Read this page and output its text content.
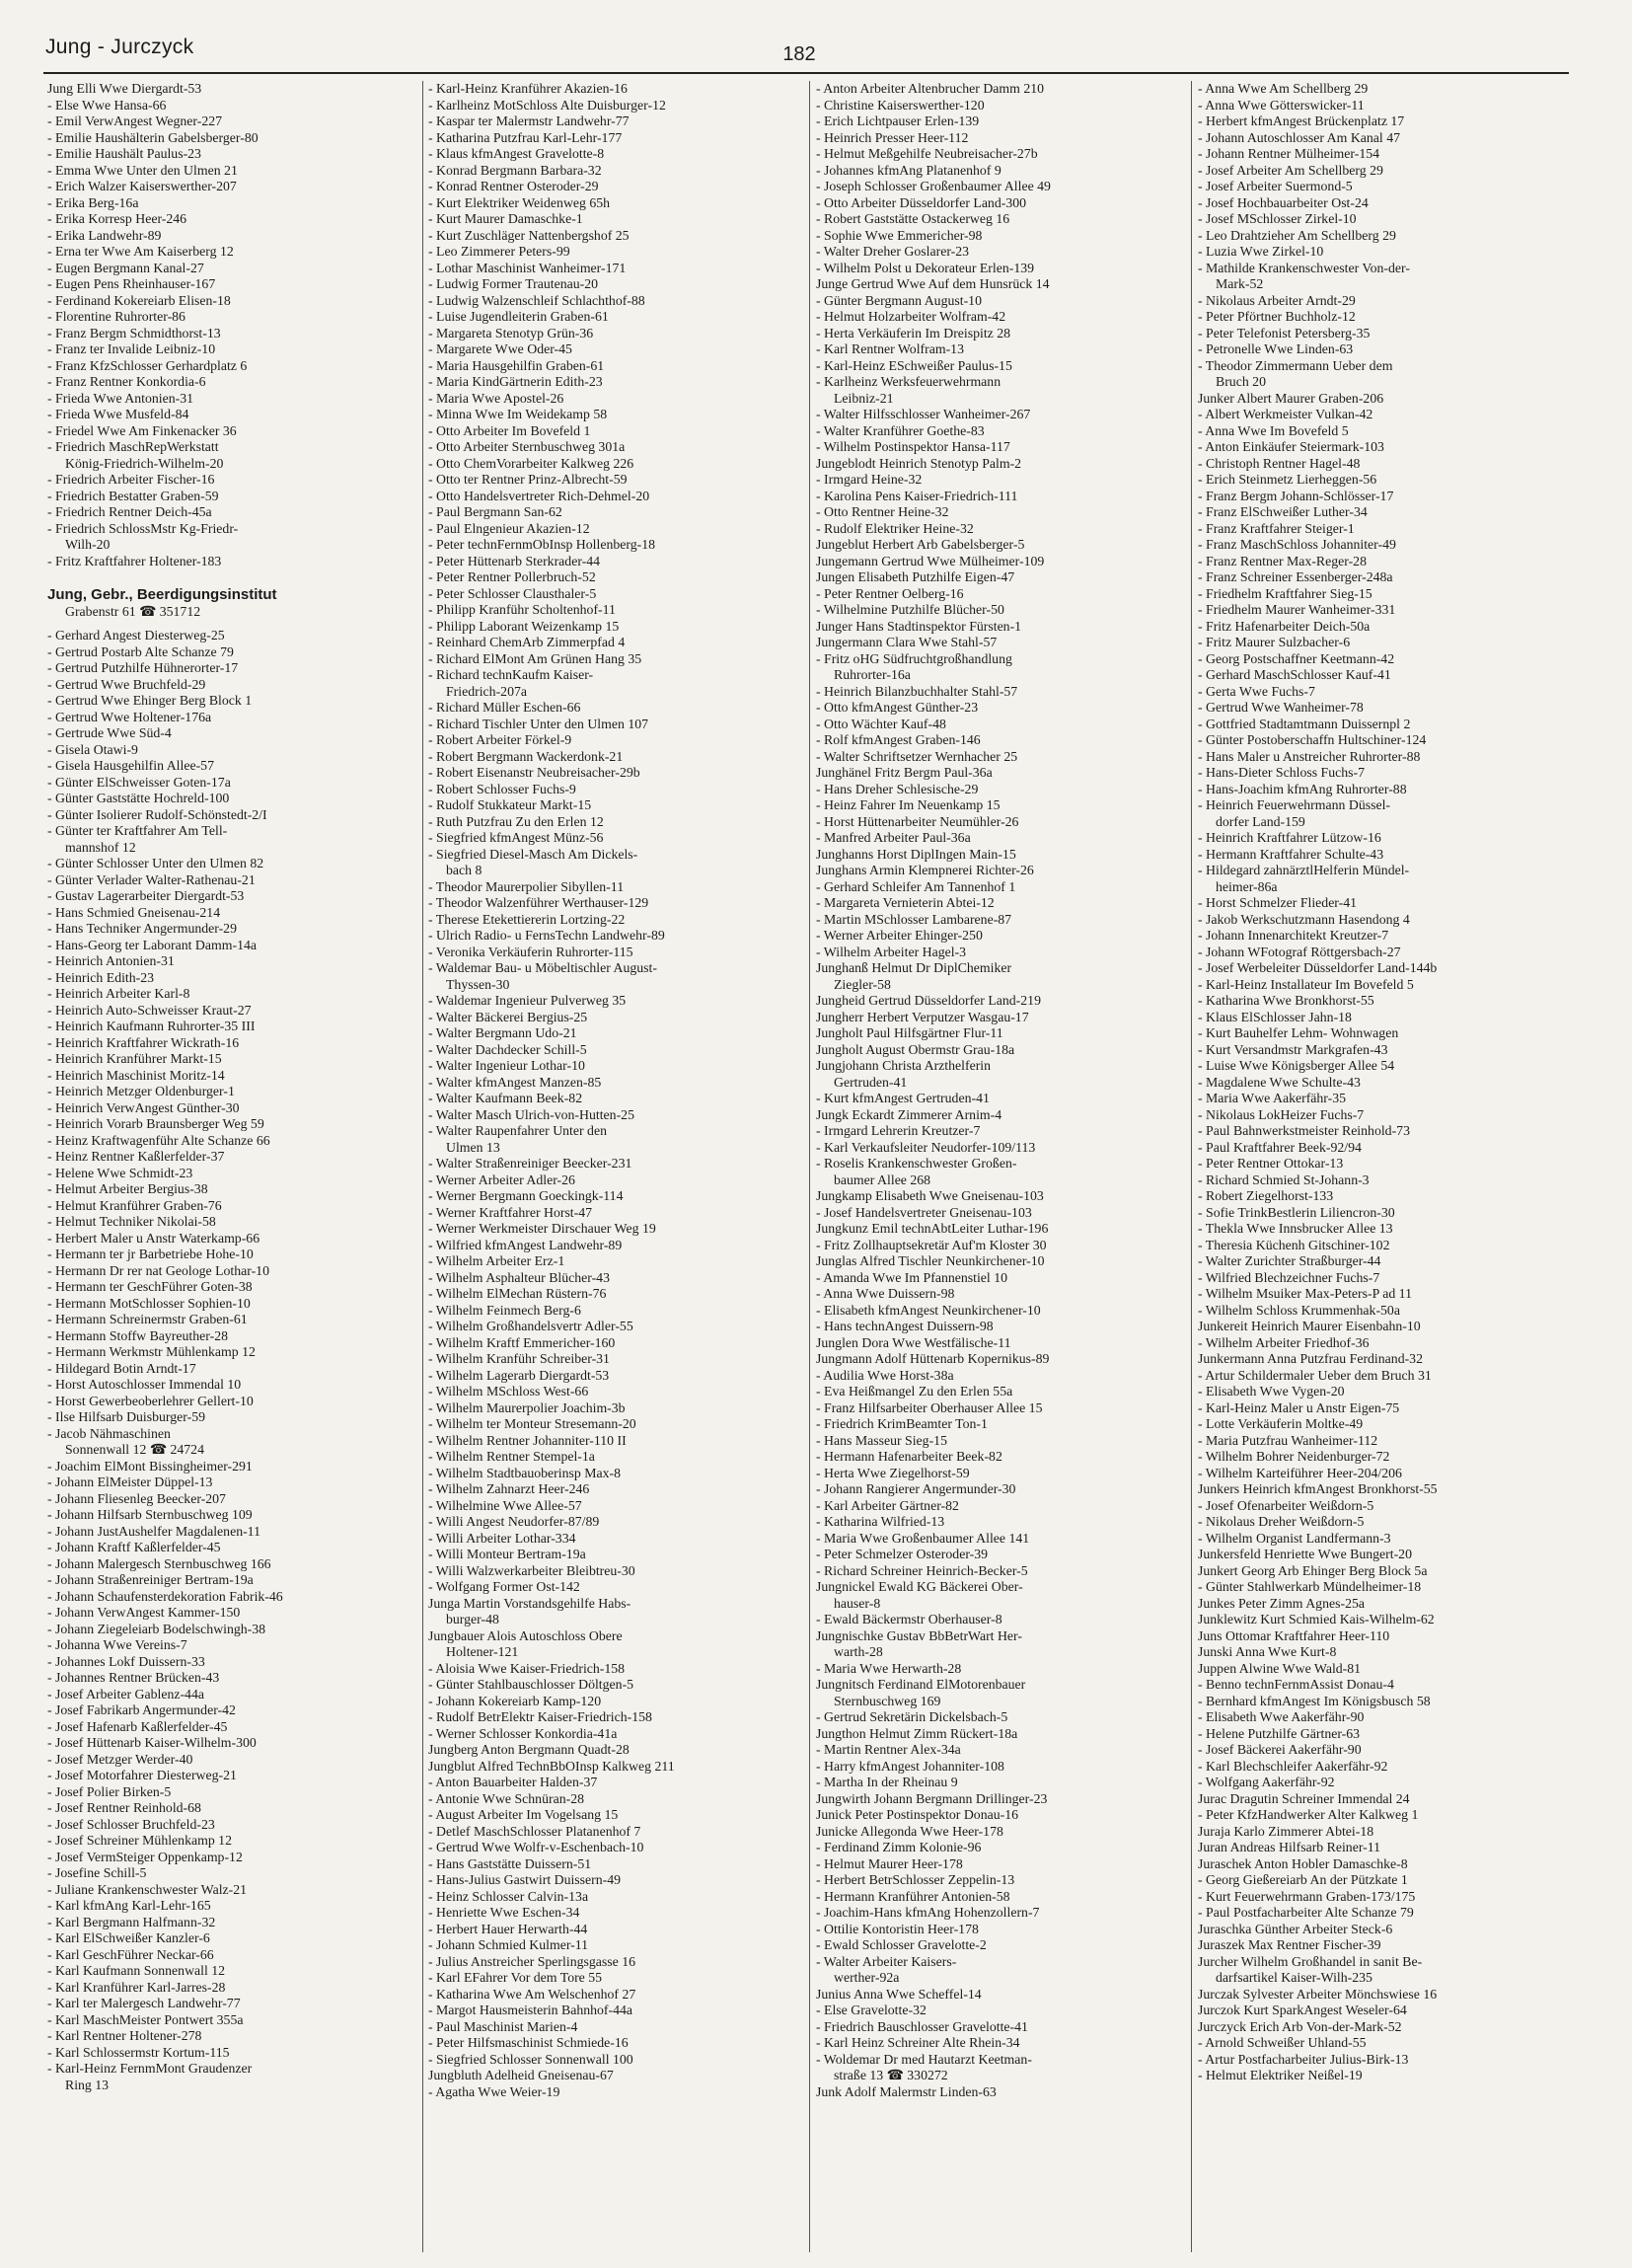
Jung - Jurczyck	182
Jung Elli Wwe Diergardt-53
- Else Wwe Hansa-66
- Emil VerwAngest Wegner-227
- Emilie Haushälterin Gabelsberger-80
- Emilie Haushält Paulus-23
- Emma Wwe Unter den Ulmen 21
- Erich Walzer Kaiserswerther-207
- Erika Berg-16a
- Erika Korresp Heer-246
- Erika Landwehr-89
- Erna ter Wwe Am Kaiserberg 12
- Eugen Bergmann Kanal-27
- Eugen Pens Rheinhauser-167
- Ferdinand Kokereiarb Elisen-18
- Florentine Ruhrorter-86
- Franz Bergm Schmidthorst-13
- Franz ter Invalide Leibniz-10
- Franz KfzSchlosser Gerhardplatz 6
- Franz Rentner Konkordia-6
- Frieda Wwe Antonien-31
- Frieda Wwe Musfeld-84
- Friedel Wwe Am Finkenacker 36
- Friedrich MaschRepWerkstatt
König-Friedrich-Wilhelm-20
- Friedrich Arbeiter Fischer-16
- Friedrich Bestatter Graben-59
- Friedrich Rentner Deich-45a
- Friedrich SchlossMstr Kg-Friedr-
Wilh-20
- Fritz Kraftfahrer Holtener-183
Jung, Gebr., Beerdigungsinstitut
Grabenstr 61 ☎ 351712
- Gerhard Angest Diesterweg-25
- Gertrud Postarb Alte Schanze 79
- Gertrud Putzhilfe Hühnerorter-17
- Gertrud Wwe Bruchfeld-29
- Gertrud Wwe Ehinger Berg Block 1
- Gertrud Wwe Holtener-176a
- Gertrude Wwe Süd-4
- Gisela Otawi-9
- Gisela Hausgehilfin Allee-57
- Günter ElSchweisser Goten-17a
- Günter Gaststätte Hochreld-100
- Günter Isolierer Rudolf-Schönstedt-2/I
- Günter ter Kraftfahrer Am Tell-
mannshof 12
- Günter Schlosser Unter den Ulmen 82
- Günter Verlader Walter-Rathenau-21
- Gustav Lagerarbeiter Diergardt-53
- Hans Schmied Gneisenau-214
- Hans Techniker Angermunder-29
- Hans-Georg ter Laborant Damm-14a
- Heinrich Antonien-31
- Heinrich Edith-23
- Heinrich Arbeiter Karl-8
- Heinrich Auto-Schweisser Kraut-27
- Heinrich Kaufmann Ruhrorter-35 III
- Heinrich Kraftfahrer Wickrath-16
- Heinrich Kranführer Markt-15
- Heinrich Maschinist Moritz-14
- Heinrich Metzger Oldenburger-1
- Heinrich VerwAngest Günther-30
- Heinrich Vorarb Braunsberger Weg 59
- Heinz Kraftwagenführ Alte Schanze 66
- Heinz Rentner Kaßlerfelder-37
- Helene Wwe Schmidt-23
- Helmut Arbeiter Bergius-38
- Helmut Kranführer Graben-76
- Helmut Techniker Nikolai-58
- Herbert Maler u Anstr Waterkamp-66
- Hermann ter jr Barbetriebe Hohe-10
- Hermann Dr rer nat Geologe Lothar-10
- Hermann ter GeschFührer Goten-38
- Hermann MotSchlosser Sophien-10
- Hermann Schreinermstr Graben-61
- Hermann Stoffw Bayreuther-28
- Hermann Werkmstr Mühlenkamp 12
- Hildegard Botin Arndt-17
- Horst Autoschlosser Immendal 10
- Horst Gewerbeoberlehrer Gellert-10
- Ilse Hilfsarb Duisburger-59
- Jacob Nähmaschinen
Sonnenwall 12 ☎ 24724
- Joachim ElMont Bissingheimer-291
- Johann ElMeister Düppel-13
- Johann Fliesenleg Beecker-207
- Johann Hilfsarb Sternbuschweg 109
- Johann JustAushelfer Magdalenen-11
- Johann Kraftf Kaßlerfelder-45
- Johann Malergesch Sternbuschweg 166
- Johann Straßenreiniger Bertram-19a
- Johann Schaufensterdekoration Fabrik-46
- Johann VerwAngest Kammer-150
- Johann Ziegeleiarb Bodelschwingh-38
- Johanna Wwe Vereins-7
- Johannes Lokf Duissern-33
- Johannes Rentner Brücken-43
- Josef Arbeiter Gablenz-44a
- Josef Fabrikarb Angermunder-42
- Josef Hafenarb Kaßlerfelder-45
- Josef Hüttenarb Kaiser-Wilhelm-300
- Josef Metzger Werder-40
- Josef Motorfahrer Diesterweg-21
- Josef Polier Birken-5
- Josef Rentner Reinhold-68
- Josef Schlosser Bruchfeld-23
- Josef Schreiner Mühlenkamp 12
- Josef VermSteiger Oppenkamp-12
- Josefine Schill-5
- Juliane Krankenschwester Walz-21
- Karl kfmAng Karl-Lehr-165
- Karl Bergmann Halfmann-32
- Karl ElSchweißer Kanzler-6
- Karl GeschFührer Neckar-66
- Karl Kaufmann Sonnenwall 12
- Karl Kranführer Karl-Jarres-28
- Karl ter Malergesch Landwehr-77
- Karl MaschMeister Pontwert 355a
- Karl Rentner Holtener-278
- Karl Schlossermstr Kortum-115
- Karl-Heinz FernmMont Graudenzer
Ring 13
- Karl-Heinz Kranführer Akazien-16
- Karlheinz MotSchloss Alte Duisburger-12
- Kaspar ter Malermstr Landwehr-77
- Katharina Putzfrau Karl-Lehr-177
- Klaus kfmAngest Gravelotte-8
- Konrad Bergmann Barbara-32
- Konrad Rentner Osteroder-29
- Kurt Elektriker Weidenweg 65h
- Kurt Maurer Damaschke-1
- Kurt Zuschläger Nattenbergshof 25
- Leo Zimmerer Peters-99
- Lothar Maschinist Wanheimer-171
- Ludwig Former Trautenau-20
- Ludwig Walzenschleif Schlachthof-88
- Luise Jugendleiterin Graben-61
- Margareta Stenotyp Grün-36
- Margarete Wwe Oder-45
- Maria Hausgehilfin Graben-61
- Maria KindGärtnerin Edith-23
- Maria Wwe Apostel-26
- Minna Wwe Im Weidekamp 58
- Otto Arbeiter Im Bovefeld 1
- Otto Arbeiter Sternbuschweg 301a
- Otto ChemVorarbeiter Kalkweg 226
- Otto ter Rentner Prinz-Albrecht-59
- Otto Handelsvertreter Rich-Dehmel-20
- Paul Bergmann San-62
- Paul Elngenieur Akazien-12
- Peter technFernmObInsp Hollenberg-18
- Peter Hüttenarb Sterkrader-44
- Peter Rentner Pollerbruch-52
- Peter Schlosser Clausthaler-5
- Philipp Kranführ Scholtenhof-11
- Philipp Laborant Weizenkamp 15
- Reinhard ChemArb Zimmerpfad 4
- Richard ElMont Am Grünen Hang 35
- Richard technKaufm Kaiser-
Friedrich-207a
- Richard Müller Eschen-66
- Richard Tischler Unter den Ulmen 107
- Robert Arbeiter Förkel-9
- Robert Bergmann Wackerdonk-21
- Robert Eisenanstr Neubreisacher-29b
- Robert Schlosser Fuchs-9
- Rudolf Stukkateur Markt-15
- Ruth Putzfrau Zu den Erlen 12
- Siegfried kfmAngest Münz-56
- Siegfried Diesel-Masch Am Dickels-
bach 8
- Theodor Maurerpolier Sibyllen-11
- Theodor Walzenführer Werthauser-129
- Therese Etekettiererin Lortzing-22
- Ulrich Radio- u FernsTechn Landwehr-89
- Veronika Verkäuferin Ruhrorter-115
- Waldemar Bau- u Möbeltischler August-
Thyssen-30
- Waldemar Ingenieur Pulverweg 35
- Walter Bäckerei Bergius-25
- Walter Bergmann Udo-21
- Walter Dachdecker Schill-5
- Walter Ingenieur Lothar-10
- Walter kfmAngest Manzen-85
- Walter Kaufmann Beek-82
- Walter Masch Ulrich-von-Hutten-25
- Walter Raupenfahrer Unter den
Ulmen 13
- Walter Straßenreiniger Beecker-231
- Werner Arbeiter Adler-26
- Werner Bergmann Goeckingk-114
- Werner Kraftfahrer Horst-47
- Werner Werkmeister Dirschauer Weg 19
- Wilfried kfmAngest Landwehr-89
- Wilhelm Arbeiter Erz-1
- Wilhelm Asphalteur Blücher-43
- Wilhelm ElMechan Rüstern-76
- Wilhelm Feinmech Berg-6
- Wilhelm Großhandelsvertr Adler-55
- Wilhelm Kraftf Emmericher-160
- Wilhelm Kranführ Schreiber-31
- Wilhelm Lagerarb Diergardt-53
- Wilhelm MSchloss West-66
- Wilhelm Maurerpolier Joachim-3b
- Wilhelm ter Monteur Stresemann-20
- Wilhelm Rentner Johanniter-110 II
- Wilhelm Rentner Stempel-1a
- Wilhelm Stadtbauoberinsp Max-8
- Wilhelm Zahnarzt Heer-246
- Wilhelmine Wwe Allee-57
- Willi Angest Neudorfer-87/89
- Willi Arbeiter Lothar-334
- Willi Monteur Bertram-19a
- Willi Walzwerkarbeiter Bleibtreu-30
- Wolfgang Former Ost-142
Junga Martin Vorstandsgehilfe Habs-
burger-48
Jungbauer Alois Autoschloss Obere
Holtener-121
- Aloisia Wwe Kaiser-Friedrich-158
- Günter Stahlbauschlosser Döltgen-5
- Johann Kokereiarb Kamp-120
- Rudolf BetrElektr Kaiser-Friedrich-158
- Werner Schlosser Konkordia-41a
Jungberg Anton Bergmann Quadt-28
Jungblut Alfred TechnBbOInsp Kalkweg 211
- Anton Bauarbeiter Halden-37
- Antonie Wwe Schnüran-28
- August Arbeiter Im Vogelsang 15
- Detlef MaschSchlosser Platanenhof 7
- Gertrud Wwe Wolfr-v-Eschenbach-10
- Hans Gaststätte Duissern-51
- Hans-Julius Gastwirt Duissern-49
- Heinz Schlosser Calvin-13a
- Henriette Wwe Eschen-34
- Herbert Hauer Herwarth-44
- Johann Schmied Kulmer-11
- Julius Anstreicher Sperlingsgasse 16
- Karl EFahrer Vor dem Tore 55
- Katharina Wwe Am Welschenhof 27
- Margot Hausmeisterin Bahnhof-44a
- Paul Maschinist Marien-4
- Peter Hilfsmaschinist Schmiede-16
- Siegfried Schlosser Sonnenwall 100
Jungbluth Adelheid Gneisenau-67
- Agatha Wwe Weier-19
- Anton Arbeiter Altenbrucher Damm 210
- Christine Kaiserswerther-120
- Erich Lichtpauser Erlen-139
- Heinrich Presser Heer-112
- Helmut Meßgehilfe Neubreisacher-27b
- Johannes kfmAng Platanenhof 9
- Joseph Schlosser Großenbaumer Allee 49
- Otto Arbeiter Düsseldorfer Land-300
- Robert Gaststätte Ostackerweg 16
- Sophie Wwe Emmericher-98
- Walter Dreher Goslarer-23
- Wilhelm Polst u Dekorateur Erlen-139
Junge Gertrud Wwe Auf dem Hunsrück 14
- Günter Bergmann August-10
- Helmut Holzarbeiter Wolfram-42
- Herta Verkäuferin Im Dreispitz 28
- Karl Rentner Wolfram-13
- Karl-Heinz ESchweißer Paulus-15
- Karlheinz Werksfeuerwehrmann
Leibniz-21
- Walter Hilfsschlosser Wanheimer-267
- Walter Kranführer Goethe-83
- Wilhelm Postinspektor Hansa-117
Jungeblodt Heinrich Stenotyp Palm-2
- Irmgard Heine-32
- Karolina Pens Kaiser-Friedrich-111
- Otto Rentner Heine-32
- Rudolf Elektriker Heine-32
Jungeblut Herbert Arb Gabelsberger-5
Jungemann Gertrud Wwe Mülheimer-109
Jungen Elisabeth Putzhilfe Eigen-47
- Peter Rentner Oelberg-16
- Wilhelmine Putzhilfe Blücher-50
Junger Hans Stadtinspektor Fürsten-1
Jungermann Clara Wwe Stahl-57
- Fritz oHG Südfruchtgroßhandlung
Ruhrorter-16a
- Heinrich Bilanzbuchhalter Stahl-57
- Otto kfmAngest Günther-23
- Otto Wächter Kauf-48
- Rolf kfmAngest Graben-146
- Walter Schriftsetzer Wernhacher 25
Junghänel Fritz Bergm Paul-36a
- Hans Dreher Schlesische-29
- Heinz Fahrer Im Neuenkamp 15
- Horst Hüttenarbeiter Neumühler-26
- Manfred Arbeiter Paul-36a
Junghanns Horst DiplIngen Main-15
Junghans Armin Klempnerei Richter-26
- Gerhard Schleifer Am Tannenhof 1
- Margareta Vernieterin Abtei-12
- Martin MSchlosser Lambarene-87
- Werner Arbeiter Ehinger-250
- Wilhelm Arbeiter Hagel-3
Junghanß Helmut Dr DiplChemiker
Ziegler-58
Jungheid Gertrud Düsseldorfer Land-219
Jungherr Herbert Verputzer Wasgau-17
Jungholt Paul Hilfsgärtner Flur-11
Jungholt August Obermstr Grau-18a
Jungjohann Christa Arzthelferin
Gertruden-41
- Kurt kfmAngest Gertruden-41
Jungk Eckardt Zimmerer Arnim-4
- Irmgard Lehrerin Kreutzer-7
- Karl Verkaufsleiter Neudorfer-109/113
- Roselis Krankenschwester Großen-
baumer Allee 268
Jungkamp Elisabeth Wwe Gneisenau-103
- Josef Handelsvertreter Gneisenau-103
Jungkunz Emil technAbtLeiter Luthar-196
- Fritz Zollhauptsekretär Auf'm Kloster 30
Junglas Alfred Tischler Neunkirchener-10
- Amanda Wwe Im Pfannenstiel 10
- Anna Wwe Duissern-98
- Elisabeth kfmAngest Neunkirchener-10
- Hans technAngest Duissern-98
Junglen Dora Wwe Westfälische-11
Jungmann Adolf Hüttenarb Kopernikus-89
- Audilia Wwe Horst-38a
- Eva Heißmangel Zu den Erlen 55a
- Franz Hilfsarbeiter Oberhauser Allee 15
- Friedrich KrimBeamter Ton-1
- Hans Masseur Sieg-15
- Hermann Hafenarbeiter Beek-82
- Herta Wwe Ziegelhorst-59
- Johann Rangierer Angermunder-30
- Karl Arbeiter Gärtner-82
- Katharina Wilfried-13
- Maria Wwe Großenbaumer Allee 141
- Peter Schmelzer Osteroder-39
- Richard Schreiner Heinrich-Becker-5
Jungnickel Ewald KG Bäckerei Ober-
hauser-8
- Ewald Bäckermstr Oberhauser-8
Jungnischke Gustav BbBetrWart Her-
warth-28
- Maria Wwe Herwarth-28
Jungnitsch Ferdinand ElMotorenbauer
Sternbuschweg 169
- Gertrud Sekretärin Dickelsbach-5
Jungthon Helmut Zimm Rückert-18a
- Martin Rentner Alex-34a
- Harry kfmAngest Johanniter-108
- Martha In der Rheinau 9
Jungwirth Johann Bergmann Drillinger-23
Junick Peter Postinspektor Donau-16
Junicke Allegonda Wwe Heer-178
- Ferdinand Zimm Kolonie-96
- Helmut Maurer Heer-178
- Herbert BetrSchlosser Zeppelin-13
- Hermann Kranführer Antonien-58
- Joachim-Hans kfmAng Hohenzollern-7
- Ottilie Kontoristin Heer-178
- Ewald Schlosser Gravelotte-2
- Walter Arbeiter Kaisers-
werther-92a
Junius Anna Wwe Scheffel-14
- Else Gravelotte-32
- Friedrich Bauschlosser Gravelotte-41
- Karl Heinz Schreiner Alte Rhein-34
- Woldemar Dr med Hautarzt Keetman-
straße 13 ☎ 330272
Junk Adolf Malermstr Linden-63
- Anna Wwe Am Schellberg 29
- Anna Wwe Götterswicker-11
- Herbert kfmAngest Brückenplatz 17
- Johann Autoschlosser Am Kanal 47
- Johann Rentner Mülheimer-154
- Josef Arbeiter Am Schellberg 29
- Josef Arbeiter Suermond-5
- Josef Hochbauarbeiter Ost-24
- Josef MSchlosser Zirkel-10
- Leo Drahtzieher Am Schellberg 29
- Luzia Wwe Zirkel-10
- Mathilde Krankenschwester Von-der-
Mark-52
- Nikolaus Arbeiter Arndt-29
- Peter Pförtner Buchholz-12
- Peter Telefonist Petersberg-35
- Petronelle Wwe Linden-63
- Theodor Zimmermann Ueber dem
Bruch 20
Junker Albert Maurer Graben-206
- Albert Werkmeister Vulkan-42
- Anna Wwe Im Bovefeld 5
- Anton Einkäufer Steiermark-103
- Christoph Rentner Hagel-48
- Erich Steinmetz Lierheggen-56
- Franz Bergm Johann-Schlösser-17
- Franz ElSchweißer Luther-34
- Franz Kraftfahrer Steiger-1
- Franz MaschSchloss Johanniter-49
- Franz Rentner Max-Reger-28
- Franz Schreiner Essenberger-248a
- Friedhelm Kraftfahrer Sieg-15
- Friedhelm Maurer Wanheimer-331
- Fritz Hafenarbeiter Deich-50a
- Fritz Maurer Sulzbacher-6
- Georg Postschaffner Keetmann-42
- Gerhard MaschSchlosser Kauf-41
- Gerta Wwe Fuchs-7
- Gertrud Wwe Wanheimer-78
- Gottfried Stadtamtmann Duissernpl 2
- Günter Postoberschaffn Hultschiner-124
- Hans Maler u Anstreicher Ruhrorter-88
- Hans-Dieter Schloss Fuchs-7
- Hans-Joachim kfmAng Ruhrorter-88
- Heinrich Feuerwehrmann Düssel-
dorfer Land-159
- Heinrich Kraftfahrer Lützow-16
- Hermann Kraftfahrer Schulte-43
- Hildegard zahnärztlHelferin Mündel-
heimer-86a
- Horst Schmelzer Flieder-41
- Jakob Werkschutzmann Hasendong 4
- Johann Innenarchitekt Kreutzer-7
- Johann WFotograf Röttgersbach-27
- Josef Werbeleiter Düsseldorfer Land-144b
- Karl-Heinz Installateur Im Bovefeld 5
- Katharina Wwe Bronkhorst-55
- Klaus ElSchlosser Jahn-18
- Kurt Bauhelfer Lehm- Wohnwagen
- Kurt Versandmstr Markgrafen-43
- Luise Wwe Königsberger Allee 54
- Magdalene Wwe Schulte-43
- Maria Wwe Aakerfähr-35
- Nikolaus LokHeizer Fuchs-7
- Paul Bahnwerkstmeister Reinhold-73
- Paul Kraftfahrer Beek-92/94
- Peter Rentner Ottokar-13
- Richard Schmied St-Johann-3
- Robert Ziegelhorst-133
- Sofie TrinkBestlerin Liliencron-30
- Thekla Wwe Innsbrucker Allee 13
- Theresia Küchenh Gitschiner-102
- Walter Zurichter Straßburger-44
- Wilfried Blechzeichner Fuchs-7
- Wilhelm Msuiker Max-Peters-P ad 11
- Wilhelm Schloss Krummenhak-50a
Junkereit Heinrich Maurer Eisenbahn-10
- Wilhelm Arbeiter Friedhof-36
Junkermann Anna Putzfrau Ferdinand-32
- Artur Schildermaler Ueber dem Bruch 31
- Elisabeth Wwe Vygen-20
- Karl-Heinz Maler u Anstr Eigen-75
- Lotte Verkäuferin Moltke-49
- Maria Putzfrau Wanheimer-112
- Wilhelm Bohrer Neidenburger-72
- Wilhelm Karteiführer Heer-204/206
Junkers Heinrich kfmAngest Bronkhorst-55
- Josef Ofenarbeiter Weißdorn-5
- Nikolaus Dreher Weißdorn-5
- Wilhelm Organist Landfermann-3
Junkersfeld Henriette Wwe Bungert-20
Junkert Georg Arb Ehinger Berg Block 5a
- Günter Stahlwerkarb Mündelheimer-18
Junkes Peter Zimm Agnes-25a
Junklewitz Kurt Schmied Kais-Wilhelm-62
Juns Ottomar Kraftfahrer Heer-110
Junski Anna Wwe Kurt-8
Juppen Alwine Wwe Wald-81
- Benno technFernmAssist Donau-4
- Bernhard kfmAngest Im Königsbusch 58
- Elisabeth Wwe Aakerfähr-90
- Helene Putzhilfe Gärtner-63
- Josef Bäckerei Aakerfähr-90
- Karl Blechschleifer Aakerfähr-92
- Wolfgang Aakerfähr-92
Jurac Dragutin Schreiner Immendal 24
- Peter KfzHandwerker Alter Kalkweg 1
Juraja Karlo Zimmerer Abtei-18
Juran Andreas Hilfsarb Reiner-11
Juraschek Anton Hobler Damaschke-8
- Georg Gießereiarb An der Pützkate 1
- Kurt Feuerwehrmann Graben-173/175
- Paul Postfacharbeiter Alte Schanze 79
Juraschka Günther Arbeiter Steck-6
Juraszek Max Rentner Fischer-39
Jurcher Wilhelm Großhandel in sanit Be-
darfsartikel Kaiser-Wilh-235
Jurczak Sylvester Arbeiter Mönchswiese 16
Jurczok Kurt SparkAngest Weseler-64
Jurczyck Erich Arb Von-der-Mark-52
- Arnold Schweißer Uhland-55
- Artur Postfacharbeiter Julius-Birk-13
- Helmut Elektriker Neißel-19
